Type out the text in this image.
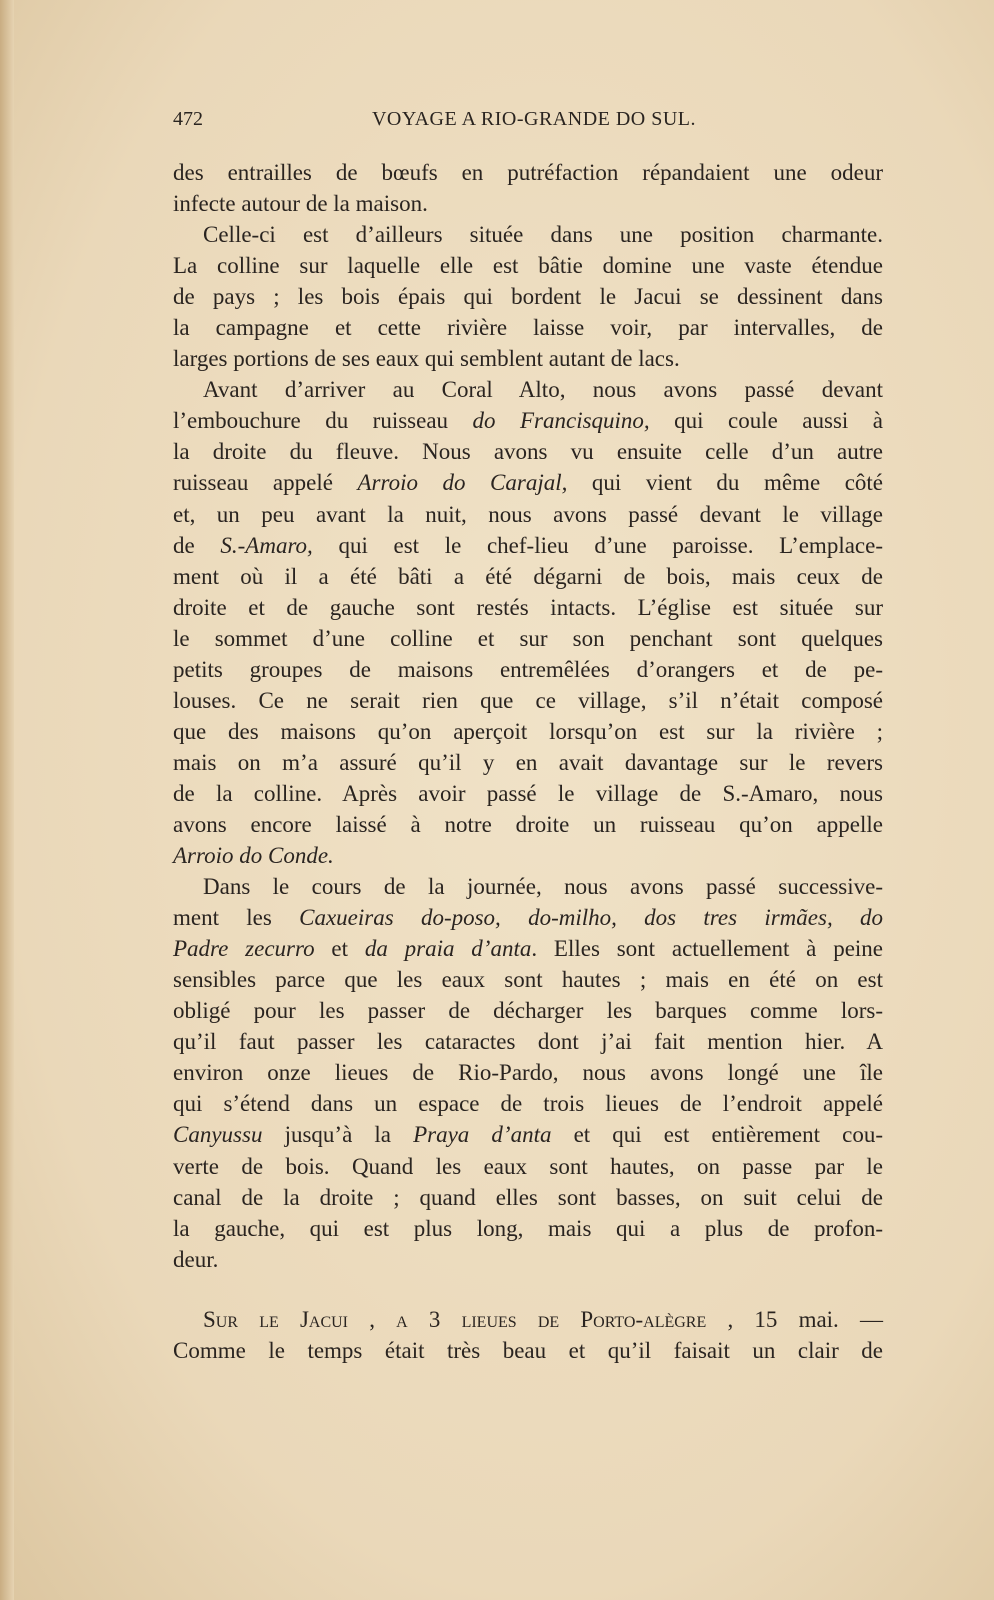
472	VOYAGE A RIO-GRANDE DO SUL.
des entrailles de bœufs en putréfaction répandaient une odeur
infecte autour de la maison.
Celle-ci est d’ailleurs située dans une position charmante.
La colline sur laquelle elle est bâtie domine une vaste étendue
de pays ; les bois épais qui bordent le Jacui se dessinent dans
la campagne et cette rivière laisse voir, par intervalles, de
larges portions de ses eaux qui semblent autant de lacs.
Avant d’arriver au Coral Alto, nous avons passé devant
l’embouchure du ruisseau do Francisquino, qui coule aussi à
la droite du fleuve. Nous avons vu ensuite celle d’un autre
ruisseau appelé Arroio do Carajal, qui vient du même côté
et, un peu avant la nuit, nous avons passé devant le village
de S.-Amaro, qui est le chef-lieu d’une paroisse. L’emplace-
ment où il a été bâti a été dégarni de bois, mais ceux de
droite et de gauche sont restés intacts. L’église est située sur
le sommet d’une colline et sur son penchant sont quelques
petits groupes de maisons entremêlées d’orangers et de pe-
louses. Ce ne serait rien que ce village, s’il n’était composé
que des maisons qu’on aperçoit lorsqu’on est sur la rivière ;
mais on m’a assuré qu’il y en avait davantage sur le revers
de la colline. Après avoir passé le village de S.-Amaro, nous
avons encore laissé à notre droite un ruisseau qu’on appelle
Arroio do Conde.
Dans le cours de la journée, nous avons passé successive-
ment les Caxueiras do-poso, do-milho, dos tres irmães, do
Padre zecurro et da praia d’anta. Elles sont actuellement à peine
sensibles parce que les eaux sont hautes ; mais en été on est
obligé pour les passer de décharger les barques comme lors-
qu’il faut passer les cataractes dont j’ai fait mention hier. A
environ onze lieues de Rio-Pardo, nous avons longé une île
qui s’étend dans un espace de trois lieues de l’endroit appelé
Canyussu jusqu’à la Praya d’anta et qui est entièrement cou-
verte de bois. Quand les eaux sont hautes, on passe par le
canal de la droite ; quand elles sont basses, on suit celui de
la gauche, qui est plus long, mais qui a plus de profon-
deur.
Sur le Jacui , a 3 lieues de Porto-alègre , 15 mai. —
Comme le temps était très beau et qu’il faisait un clair de
